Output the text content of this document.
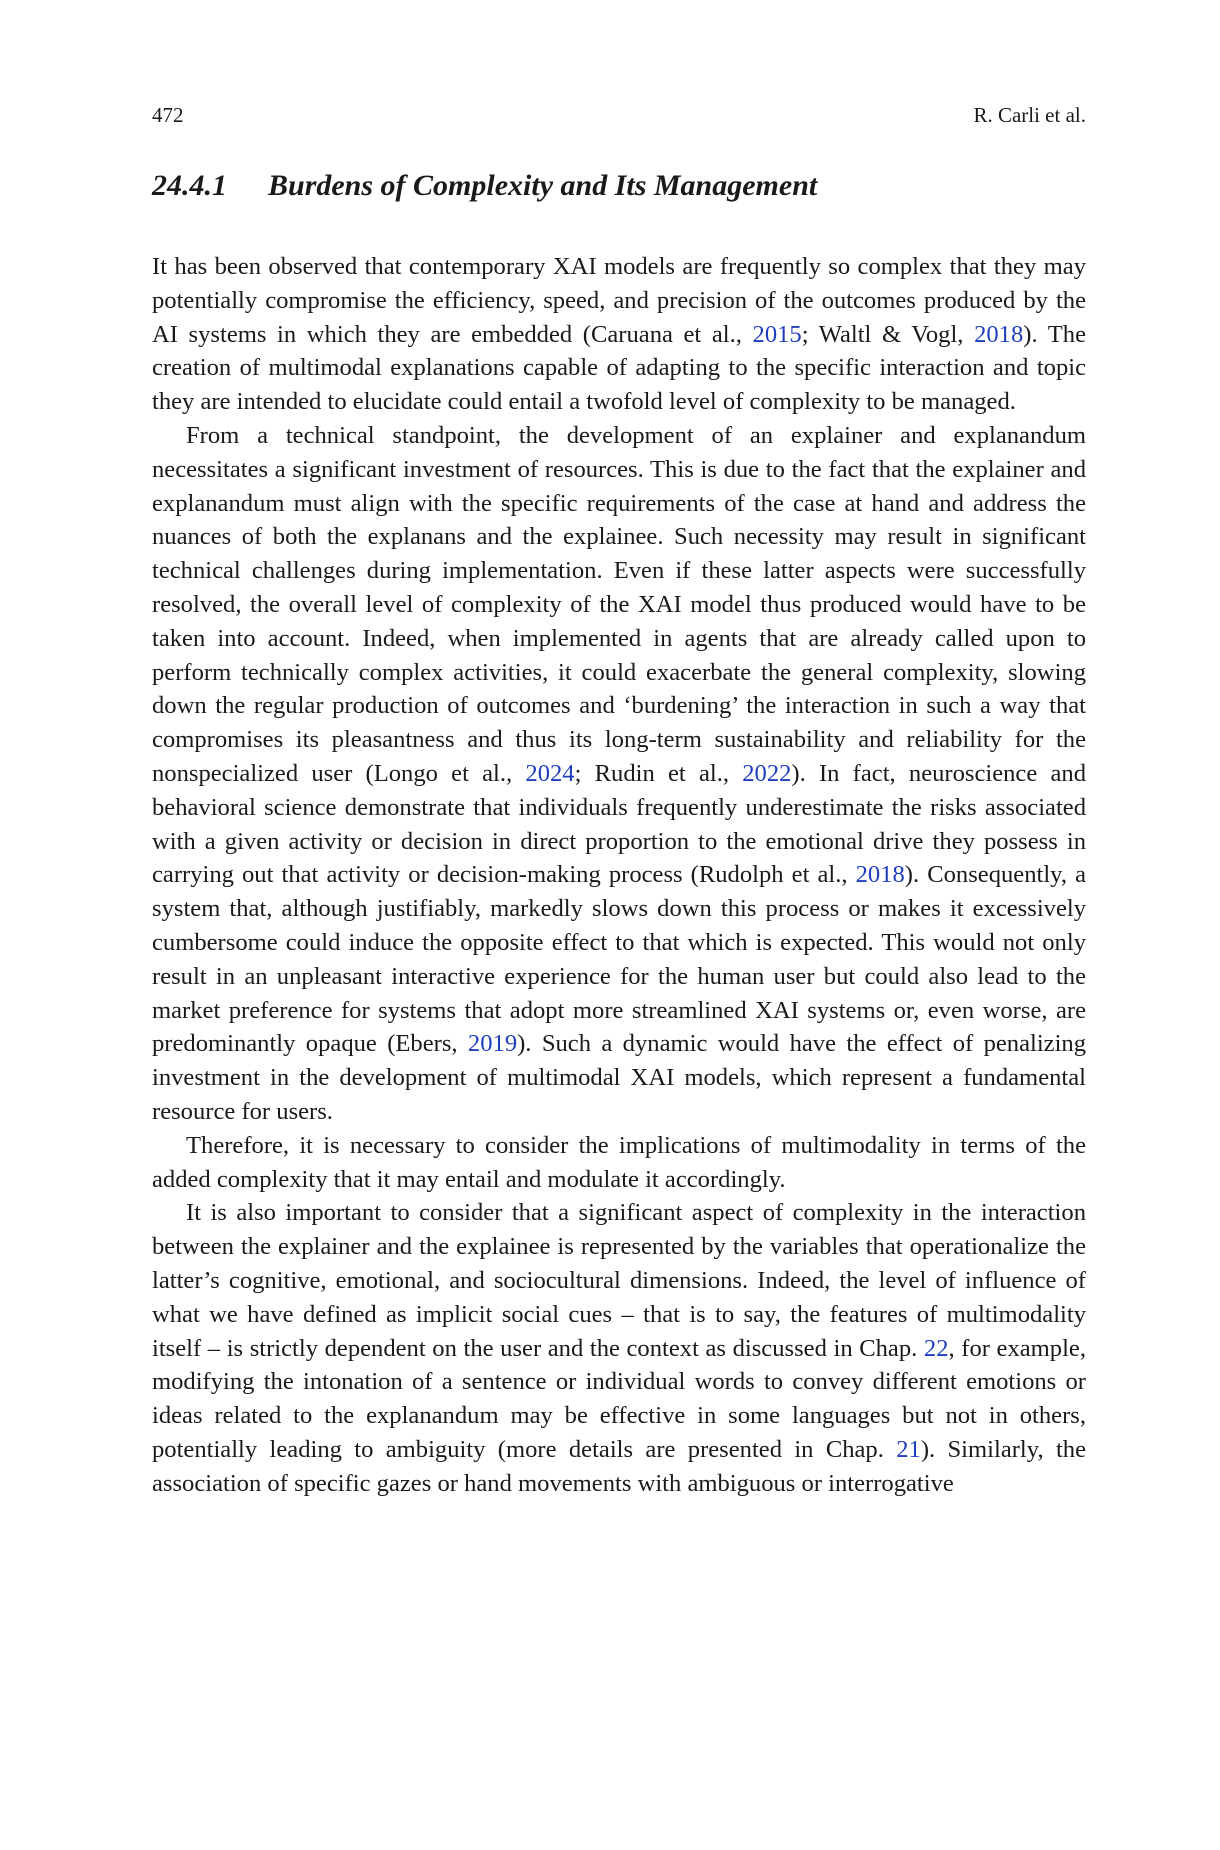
472	R. Carli et al.
24.4.1 Burdens of Complexity and Its Management

It has been observed that contemporary XAI models are frequently so complex that they may potentially compromise the efficiency, speed, and precision of the outcomes produced by the AI systems in which they are embedded (Caruana et al., 2015; Waltl & Vogl, 2018). The creation of multimodal explanations capable of adapting to the specific interaction and topic they are intended to elucidate could entail a twofold level of complexity to be managed.

From a technical standpoint, the development of an explainer and explanandum necessitates a significant investment of resources. This is due to the fact that the explainer and explanandum must align with the specific requirements of the case at hand and address the nuances of both the explanans and the explainee. Such necessity may result in significant technical challenges during implementation. Even if these latter aspects were successfully resolved, the overall level of complexity of the XAI model thus produced would have to be taken into account. Indeed, when implemented in agents that are already called upon to perform technically complex activities, it could exacerbate the general complexity, slowing down the regular production of outcomes and ‘burdening’ the interaction in such a way that compromises its pleasantness and thus its long-term sustainability and reliability for the nonspecialized user (Longo et al., 2024; Rudin et al., 2022). In fact, neuroscience and behavioral science demonstrate that individuals frequently underestimate the risks associated with a given activity or decision in direct proportion to the emotional drive they possess in carrying out that activity or decision-making process (Rudolph et al., 2018). Consequently, a system that, although justifiably, markedly slows down this process or makes it excessively cumbersome could induce the opposite effect to that which is expected. This would not only result in an unpleasant interactive experience for the human user but could also lead to the market preference for systems that adopt more streamlined XAI systems or, even worse, are predominantly opaque (Ebers, 2019). Such a dynamic would have the effect of penalizing investment in the development of multimodal XAI models, which represent a fundamental resource for users.

Therefore, it is necessary to consider the implications of multimodality in terms of the added complexity that it may entail and modulate it accordingly.

It is also important to consider that a significant aspect of complexity in the interaction between the explainer and the explainee is represented by the variables that operationalize the latter’s cognitive, emotional, and sociocultural dimensions. Indeed, the level of influence of what we have defined as implicit social cues – that is to say, the features of multimodality itself – is strictly dependent on the user and the context as discussed in Chap. 22, for example, modifying the intonation of a sentence or individual words to convey different emotions or ideas related to the explanandum may be effective in some languages but not in others, potentially leading to ambiguity (more details are presented in Chap. 21). Similarly, the association of specific gazes or hand movements with ambiguous or interrogative
